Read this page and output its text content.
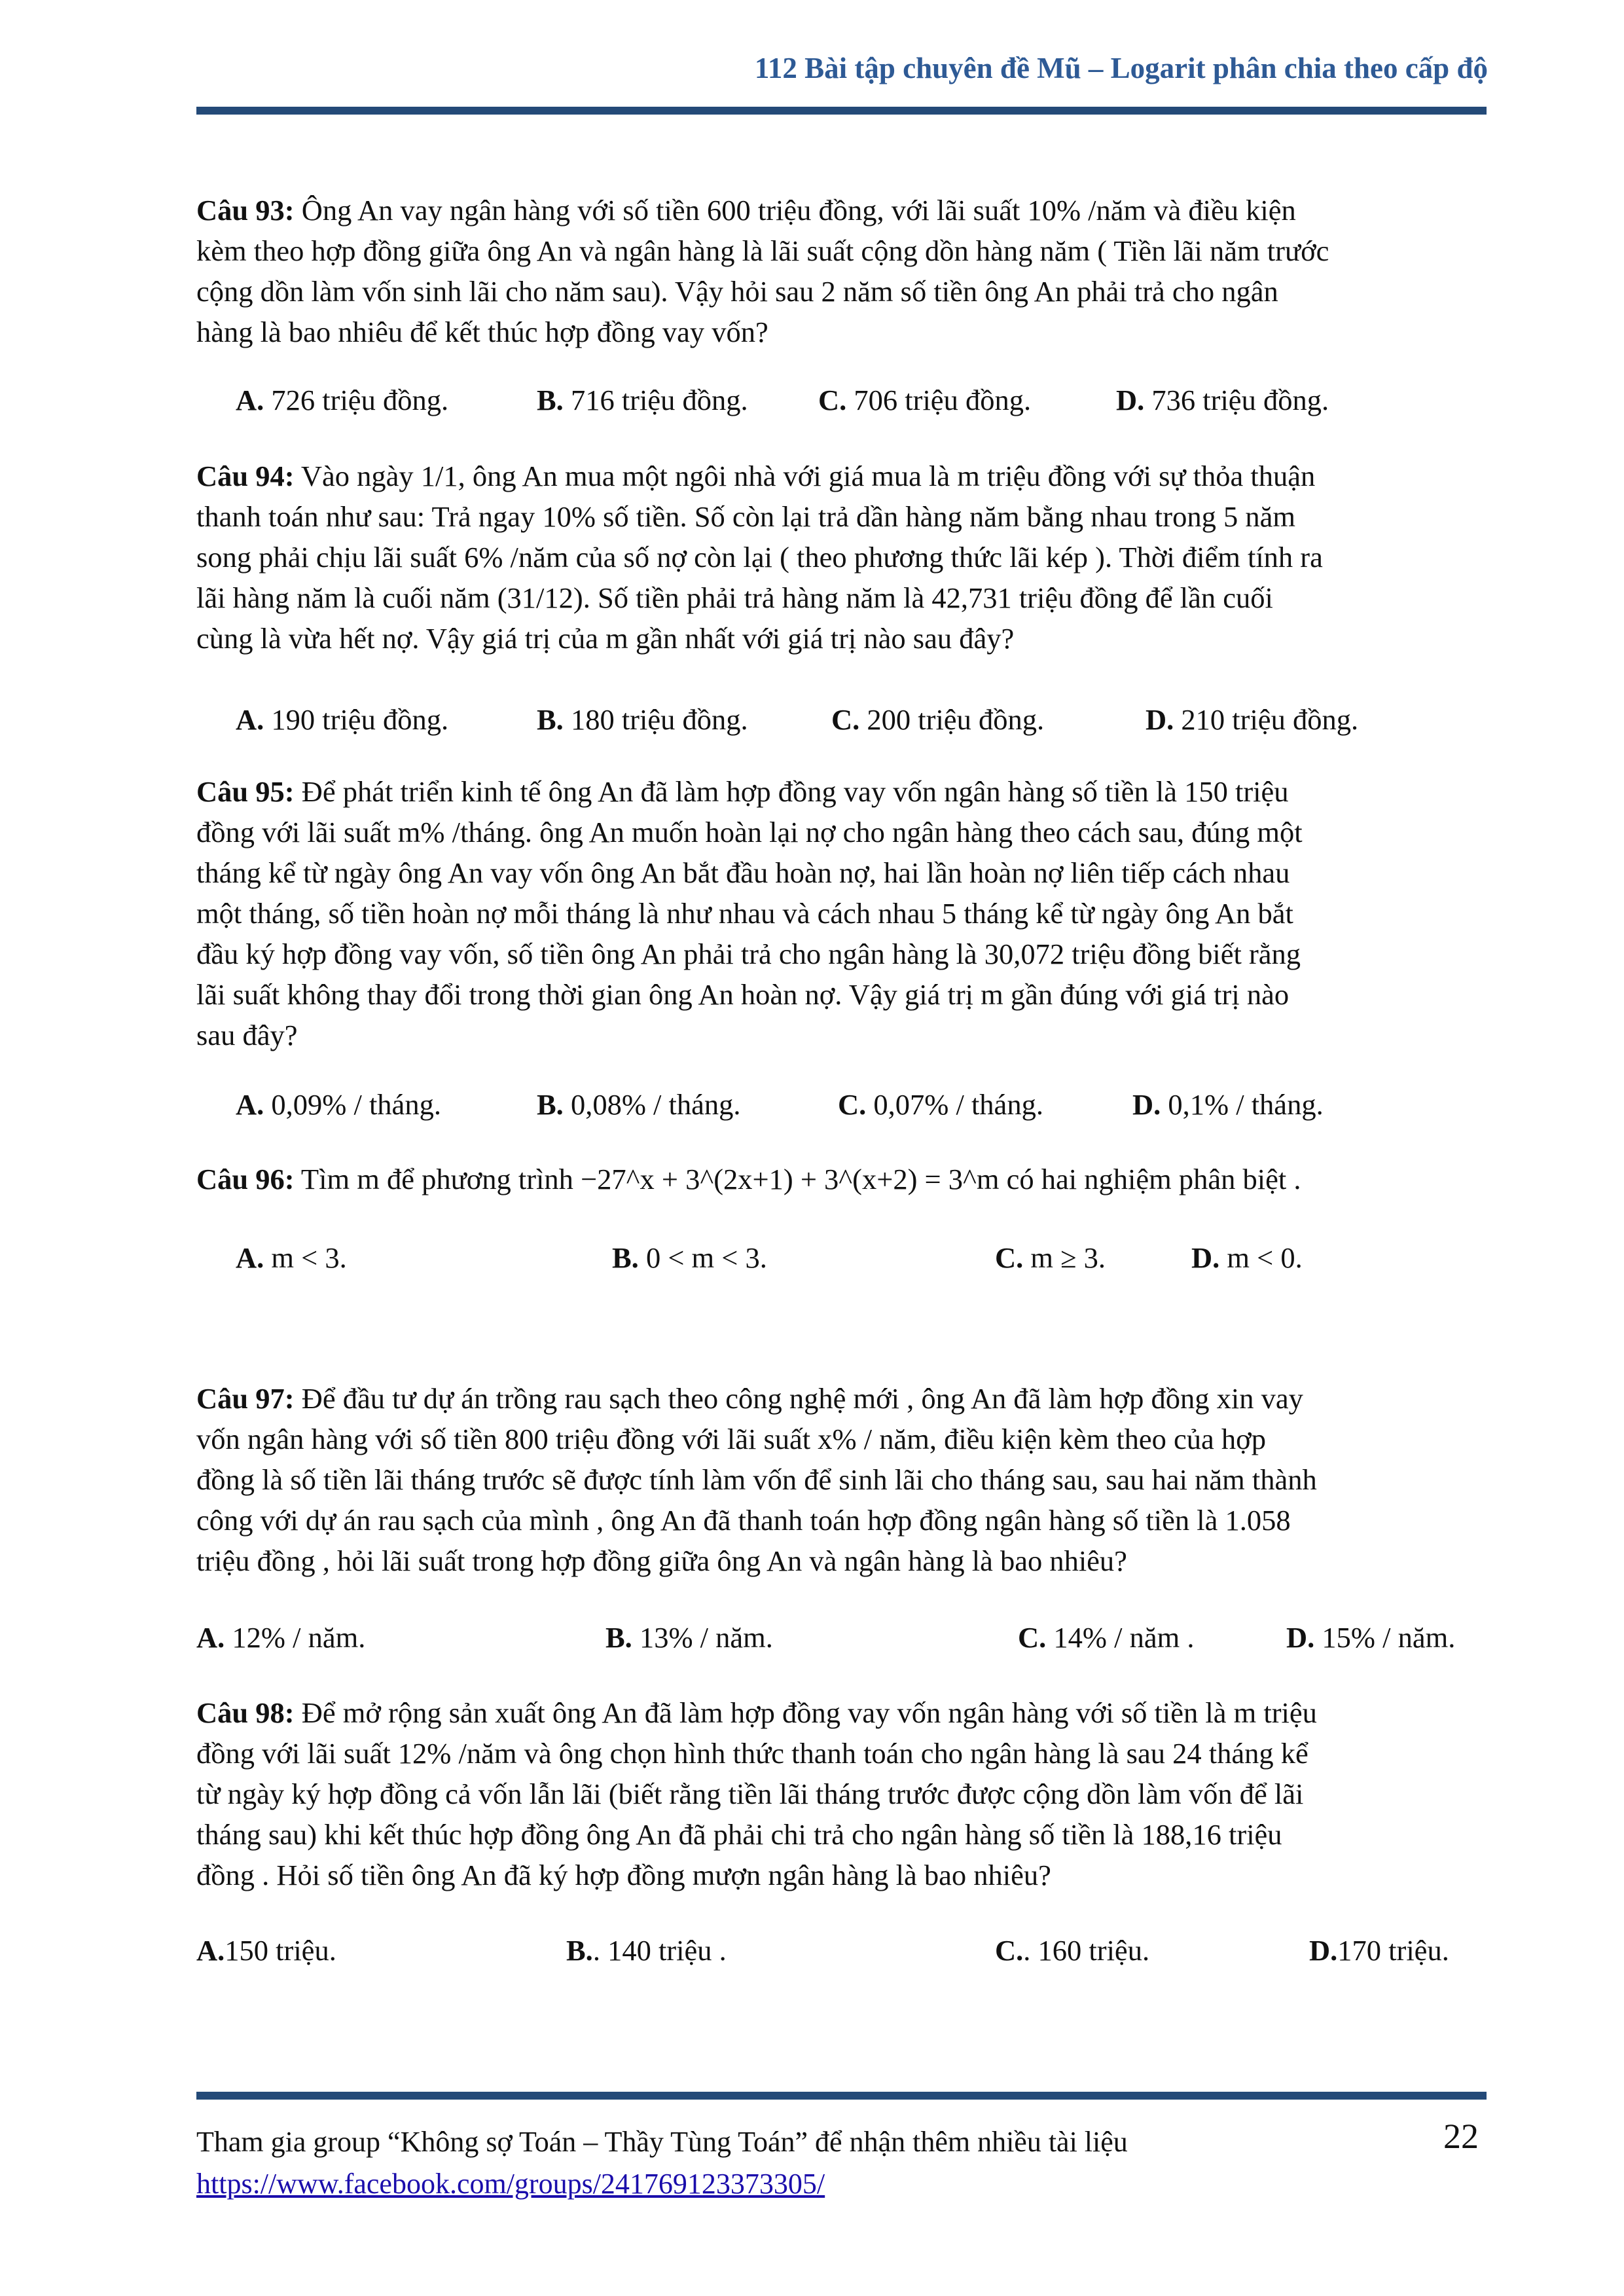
112 Bài tập chuyên đề Mũ – Logarit phân chia theo cấp độ
Câu 93: Ông An vay ngân hàng với số tiền 600 triệu đồng, với lãi suất 10% /năm và điều kiện
kèm theo hợp đồng giữa ông An và ngân hàng là lãi suất cộng dồn hàng năm ( Tiền lãi năm trước
cộng dồn làm vốn sinh lãi cho năm sau). Vậy hỏi sau 2 năm số tiền ông An phải trả cho ngân
hàng là bao nhiêu để kết thúc hợp đồng vay vốn?
A. 726 triệu đồng.	B. 716 triệu đồng. C. 706 triệu đồng.	D. 736 triệu đồng.
Câu 94: Vào ngày 1/1, ông An mua một ngôi nhà với giá mua là m triệu đồng với sự thỏa thuận
thanh toán như sau: Trả ngay 10% số tiền. Số còn lại trả dần hàng năm bằng nhau trong 5 năm
song phải chịu lãi suất 6% /năm của số nợ còn lại ( theo phương thức lãi kép ). Thời điểm tính ra
lãi hàng năm là cuối năm (31/12). Số tiền phải trả hàng năm là 42,731 triệu đồng để lần cuối
cùng là vừa hết nợ. Vậy giá trị của m gần nhất với giá trị nào sau đây?
A. 190 triệu đồng.	B. 180 triệu đồng.	C. 200 triệu đồng.	D. 210 triệu đồng.
Câu 95: Để phát triển kinh tế ông An đã làm hợp đồng vay vốn ngân hàng số tiền là 150 triệu
đồng với lãi suất m% /tháng. ông An muốn hoàn lại nợ cho ngân hàng theo cách sau, đúng một
tháng kể từ ngày ông An vay vốn ông An bắt đầu hoàn nợ, hai lần hoàn nợ liên tiếp cách nhau
một tháng, số tiền hoàn nợ mỗi tháng là như nhau và cách nhau 5 tháng kể từ ngày ông An bắt
đầu ký hợp đồng vay vốn, số tiền ông An phải trả cho ngân hàng là 30,072 triệu đồng biết rằng
lãi suất không thay đổi trong thời gian ông An hoàn nợ. Vậy giá trị m gần đúng với giá trị nào
sau đây?
A. 0,09% / tháng.	B. 0,08% / tháng.	C. 0,07% / tháng.	D. 0,1% / tháng.
Câu 96: Tìm m để phương trình −27^x + 3^(2x+1) + 3^(x+2) = 3^m có hai nghiệm phân biệt .
A. m < 3.	B. 0 < m < 3.	C. m ≥ 3.	D. m < 0.
Câu 97: Để đầu tư dự án trồng rau sạch theo công nghệ mới , ông An đã làm hợp đồng xin vay
vốn ngân hàng với số tiền 800 triệu đồng với lãi suất x% / năm, điều kiện kèm theo của hợp
đồng là số tiền lãi tháng trước sẽ được tính làm vốn để sinh lãi cho tháng sau, sau hai năm thành
công với dự án rau sạch của mình , ông An đã thanh toán hợp đồng ngân hàng số tiền là 1.058
triệu đồng , hỏi lãi suất trong hợp đồng giữa ông An và ngân hàng là bao nhiêu?
A. 12% / năm.	B. 13% / năm.	C. 14% / năm .	D. 15% / năm.
Câu 98: Để mở rộng sản xuất ông An đã làm hợp đồng vay vốn ngân hàng với số tiền là m triệu
đồng với lãi suất 12% /năm và ông chọn hình thức thanh toán cho ngân hàng là sau 24 tháng kể
từ ngày ký hợp đồng cả vốn lẫn lãi (biết rằng tiền lãi tháng trước được cộng dồn làm vốn để lãi
tháng sau) khi kết thúc hợp đồng ông An đã phải chi trả cho ngân hàng số tiền là 188,16 triệu
đồng . Hỏi số tiền ông An đã ký hợp đồng mượn ngân hàng là bao nhiêu?
A.150 triệu.	B.. 140 triệu .	C.. 160 triệu.	D.170 triệu.
Tham gia group “Không sợ Toán – Thầy Tùng Toán” để nhận thêm nhiều tài liệu
https://www.facebook.com/groups/241769123373305/
22
